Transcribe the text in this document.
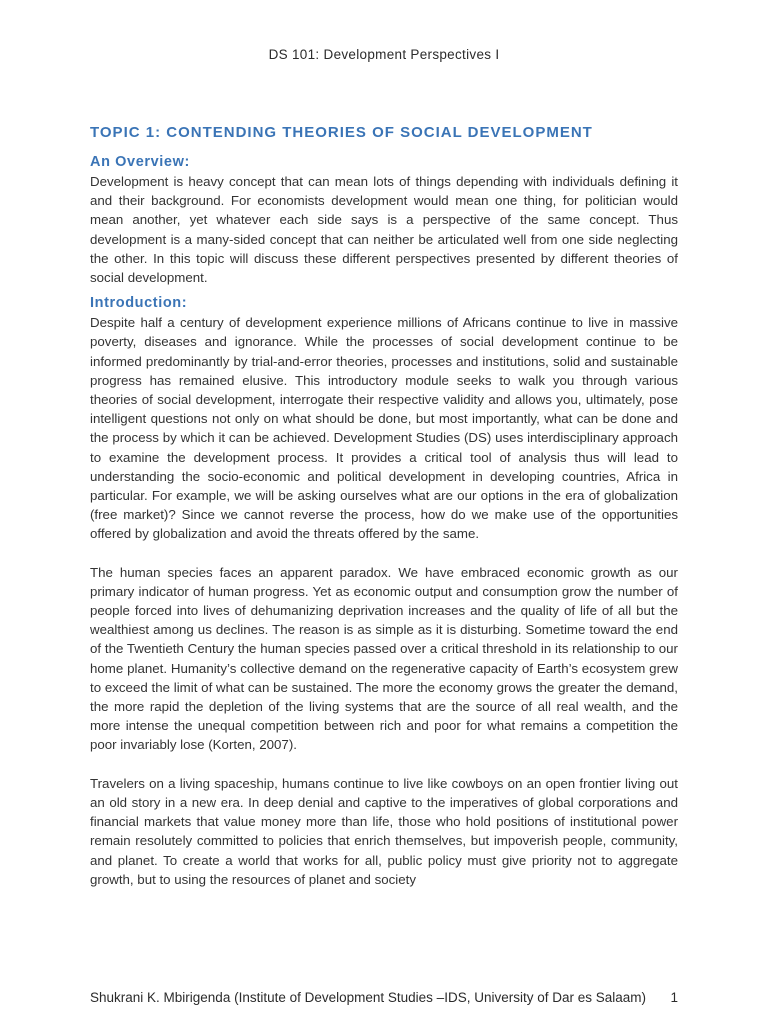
DS 101: Development Perspectives I
TOPIC 1: CONTENDING THEORIES OF SOCIAL DEVELOPMENT
An Overview:

Development is heavy concept that can mean lots of things depending with individuals defining it and their background. For economists development would mean one thing, for politician would mean another, yet whatever each side says is a perspective of the same concept. Thus development is a many-sided concept that can neither be articulated well from one side neglecting the other. In this topic will discuss these different perspectives presented by different theories of social development.

Introduction:

Despite half a century of development experience millions of Africans continue to live in massive poverty, diseases and ignorance. While the processes of social development continue to be informed predominantly by trial-and-error theories, processes and institutions, solid and sustainable progress has remained elusive. This introductory module seeks to walk you through various theories of social development, interrogate their respective validity and allows you, ultimately, pose intelligent questions not only on what should be done, but most importantly, what can be done and the process by which it can be achieved. Development Studies (DS) uses interdisciplinary approach to examine the development process. It provides a critical tool of analysis thus will lead to understanding the socio-economic and political development in developing countries, Africa in particular. For example, we will be asking ourselves what are our options in the era of globalization (free market)? Since we cannot reverse the process, how do we make use of the opportunities offered by globalization and avoid the threats offered by the same.

The human species faces an apparent paradox. We have embraced economic growth as our primary indicator of human progress. Yet as economic output and consumption grow the number of people forced into lives of dehumanizing deprivation increases and the quality of life of all but the wealthiest among us declines. The reason is as simple as it is disturbing. Sometime toward the end of the Twentieth Century the human species passed over a critical threshold in its relationship to our home planet. Humanity’s collective demand on the regenerative capacity of Earth’s ecosystem grew to exceed the limit of what can be sustained. The more the economy grows the greater the demand, the more rapid the depletion of the living systems that are the source of all real wealth, and the more intense the unequal competition between rich and poor for what remains a competition the poor invariably lose (Korten, 2007).

Travelers on a living spaceship, humans continue to live like cowboys on an open frontier living out an old story in a new era. In deep denial and captive to the imperatives of global corporations and financial markets that value money more than life, those who hold positions of institutional power remain resolutely committed to policies that enrich themselves, but impoverish people, community, and planet. To create a world that works for all, public policy must give priority not to aggregate growth, but to using the resources of planet and society

Shukrani K. Mbirigenda (Institute of Development Studies –IDS, University of Dar es Salaam) 1
